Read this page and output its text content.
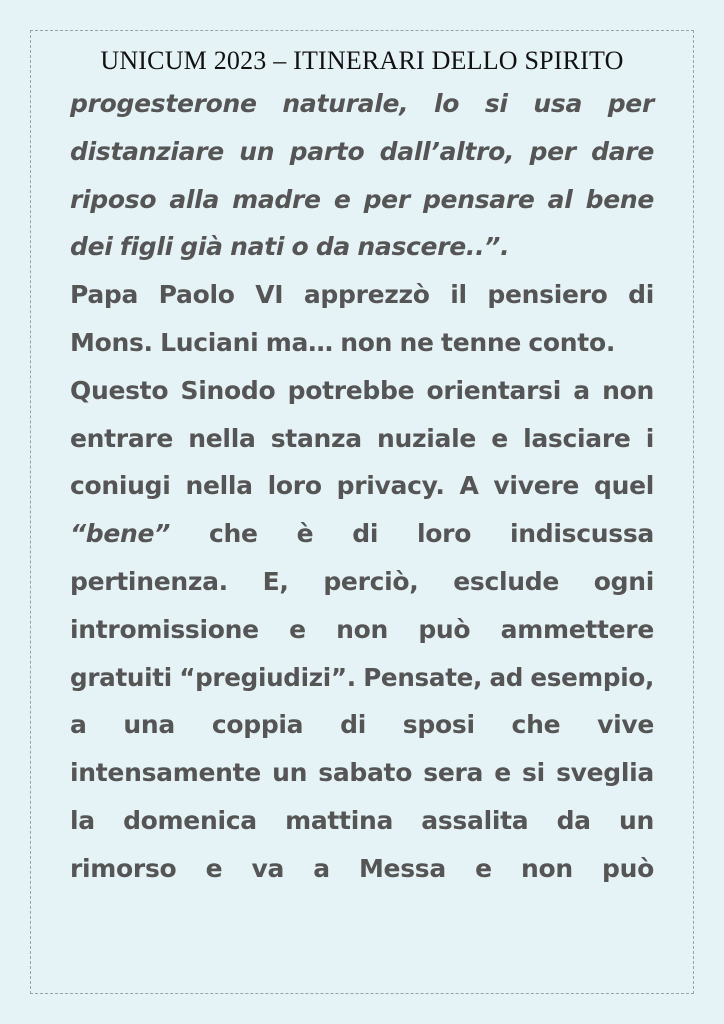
UNICUM 2023 – ITINERARI DELLO SPIRITO
progesterone naturale, lo si usa per
distanziare un parto dall’altro, per dare
riposo alla madre e per pensare al bene
dei figli già nati o da nascere..”.
Papa Paolo VI apprezzò il pensiero di
Mons. Luciani ma… non ne tenne conto.
Questo Sinodo potrebbe orientarsi a non
entrare nella stanza nuziale e lasciare i
coniugi nella loro privacy. A vivere quel
“bene” che è di loro indiscussa
pertinenza. E, perciò, esclude ogni
intromissione e non può ammettere
gratuiti “pregiudizi”. Pensate, ad esempio,
a una coppia di sposi che vive
intensamente un sabato sera e si sveglia
la domenica mattina assalita da un
rimorso e va a Messa e non può
